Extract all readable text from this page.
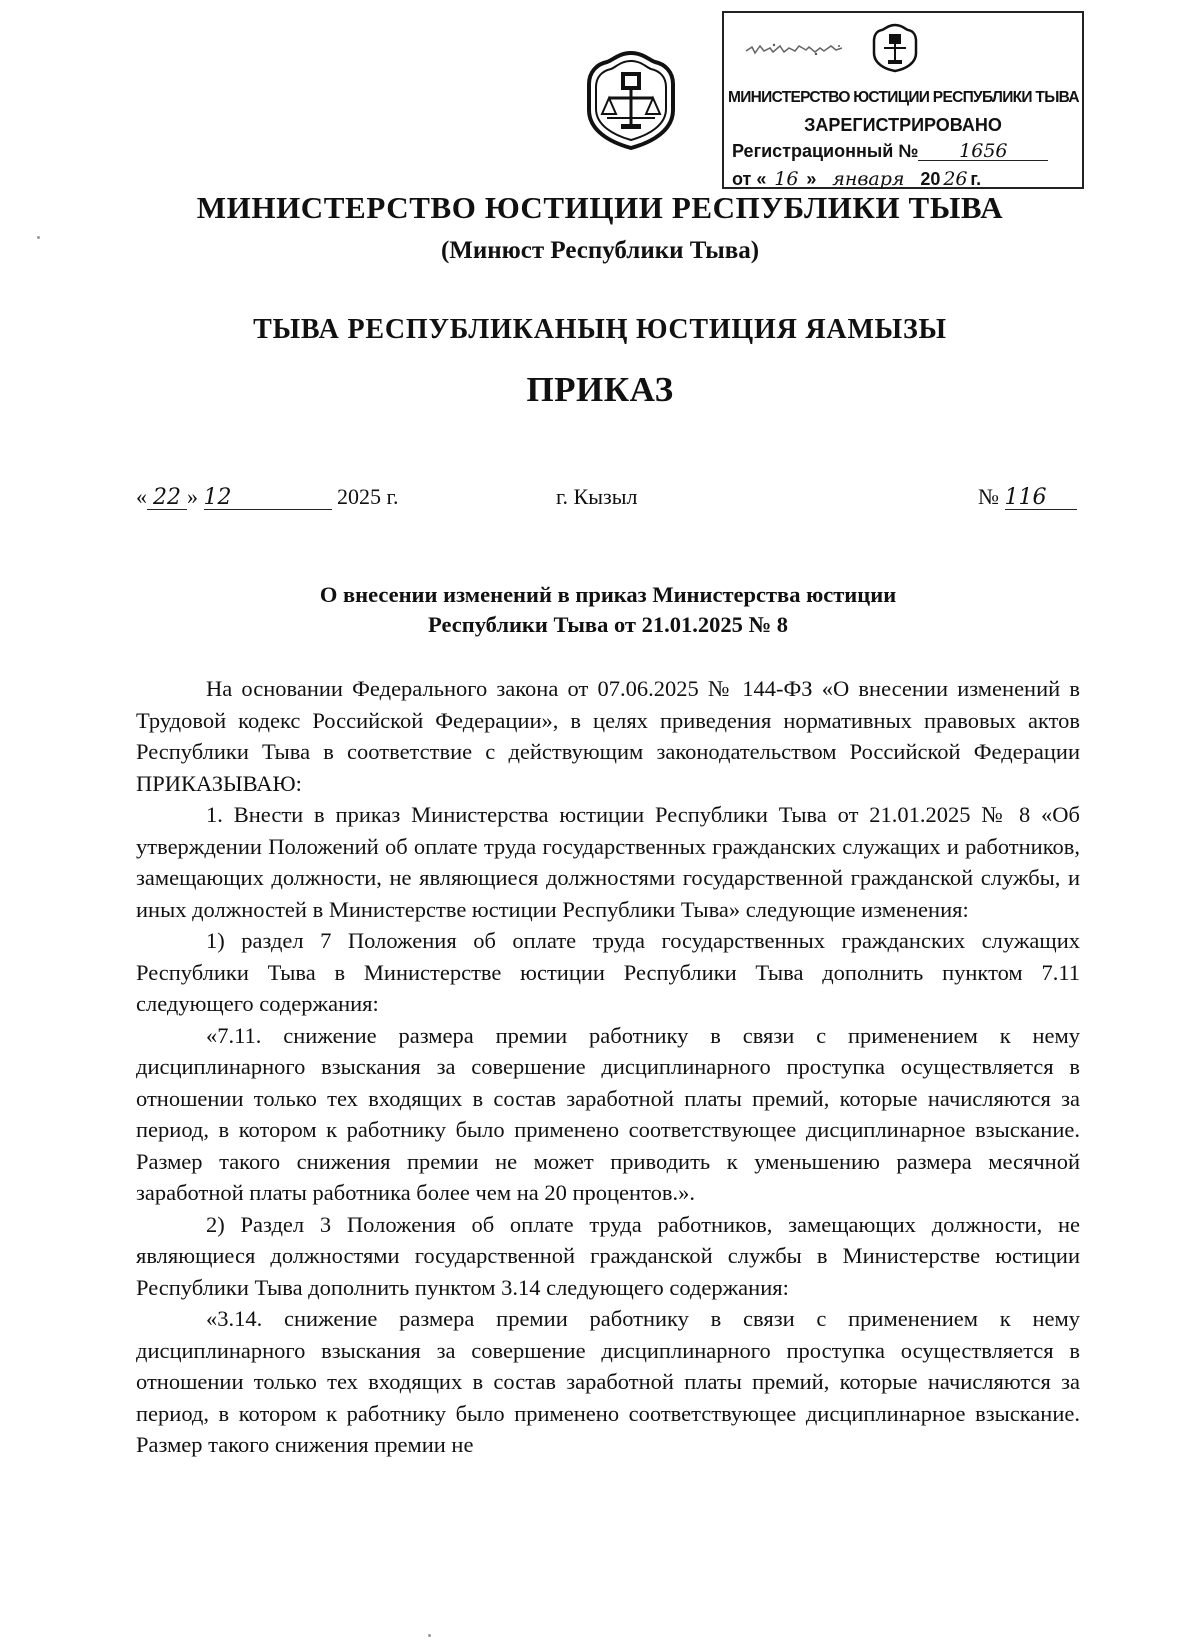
МИНИСТЕРСТВО ЮСТИЦИИ РЕСПУБЛИКИ ТЫВА
ЗАРЕГИСТРИРОВАНО
Регистрационный № 1656
от « 16 » января 20 26 г.
МИНИСТЕРСТВО ЮСТИЦИИ РЕСПУБЛИКИ ТЫВА
(Минюст Республики Тыва)
ТЫВА РЕСПУБЛИКАНЫҢ ЮСТИЦИЯ ЯАМЫЗЫ
ПРИКАЗ
« 22 » 12	2025 г.	г. Кызыл	№ 116
О внесении изменений в приказ Министерства юстиции
Республики Тыва от 21.01.2025 № 8

На основании Федерального закона от 07.06.2025 № 144-ФЗ «О внесении изменений в Трудовой кодекс Российской Федерации», в целях приведения нормативных правовых актов Республики Тыва в соответствие с действующим законодательством Российской Федерации ПРИКАЗЫВАЮ:

1. Внести в приказ Министерства юстиции Республики Тыва от 21.01.2025 № 8 «Об утверждении Положений об оплате труда государственных гражданских служащих и работников, замещающих должности, не являющиеся должностями государственной гражданской службы, и иных должностей в Министерстве юстиции Республики Тыва» следующие изменения:

1) раздел 7 Положения об оплате труда государственных гражданских служащих Республики Тыва в Министерстве юстиции Республики Тыва дополнить пунктом 7.11 следующего содержания:

«7.11. снижение размера премии работнику в связи с применением к нему дисциплинарного взыскания за совершение дисциплинарного проступка осуществляется в отношении только тех входящих в состав заработной платы премий, которые начисляются за период, в котором к работнику было применено соответствующее дисциплинарное взыскание. Размер такого снижения премии не может приводить к уменьшению размера месячной заработной платы работника более чем на 20 процентов.».

2) Раздел 3 Положения об оплате труда работников, замещающих должности, не являющиеся должностями государственной гражданской службы в Министерстве юстиции Республики Тыва дополнить пунктом 3.14 следующего содержания:

«3.14. снижение размера премии работнику в связи с применением к нему дисциплинарного взыскания за совершение дисциплинарного проступка осуществляется в отношении только тех входящих в состав заработной платы премий, которые начисляются за период, в котором к работнику было применено соответствующее дисциплинарное взыскание. Размер такого снижения премии не
